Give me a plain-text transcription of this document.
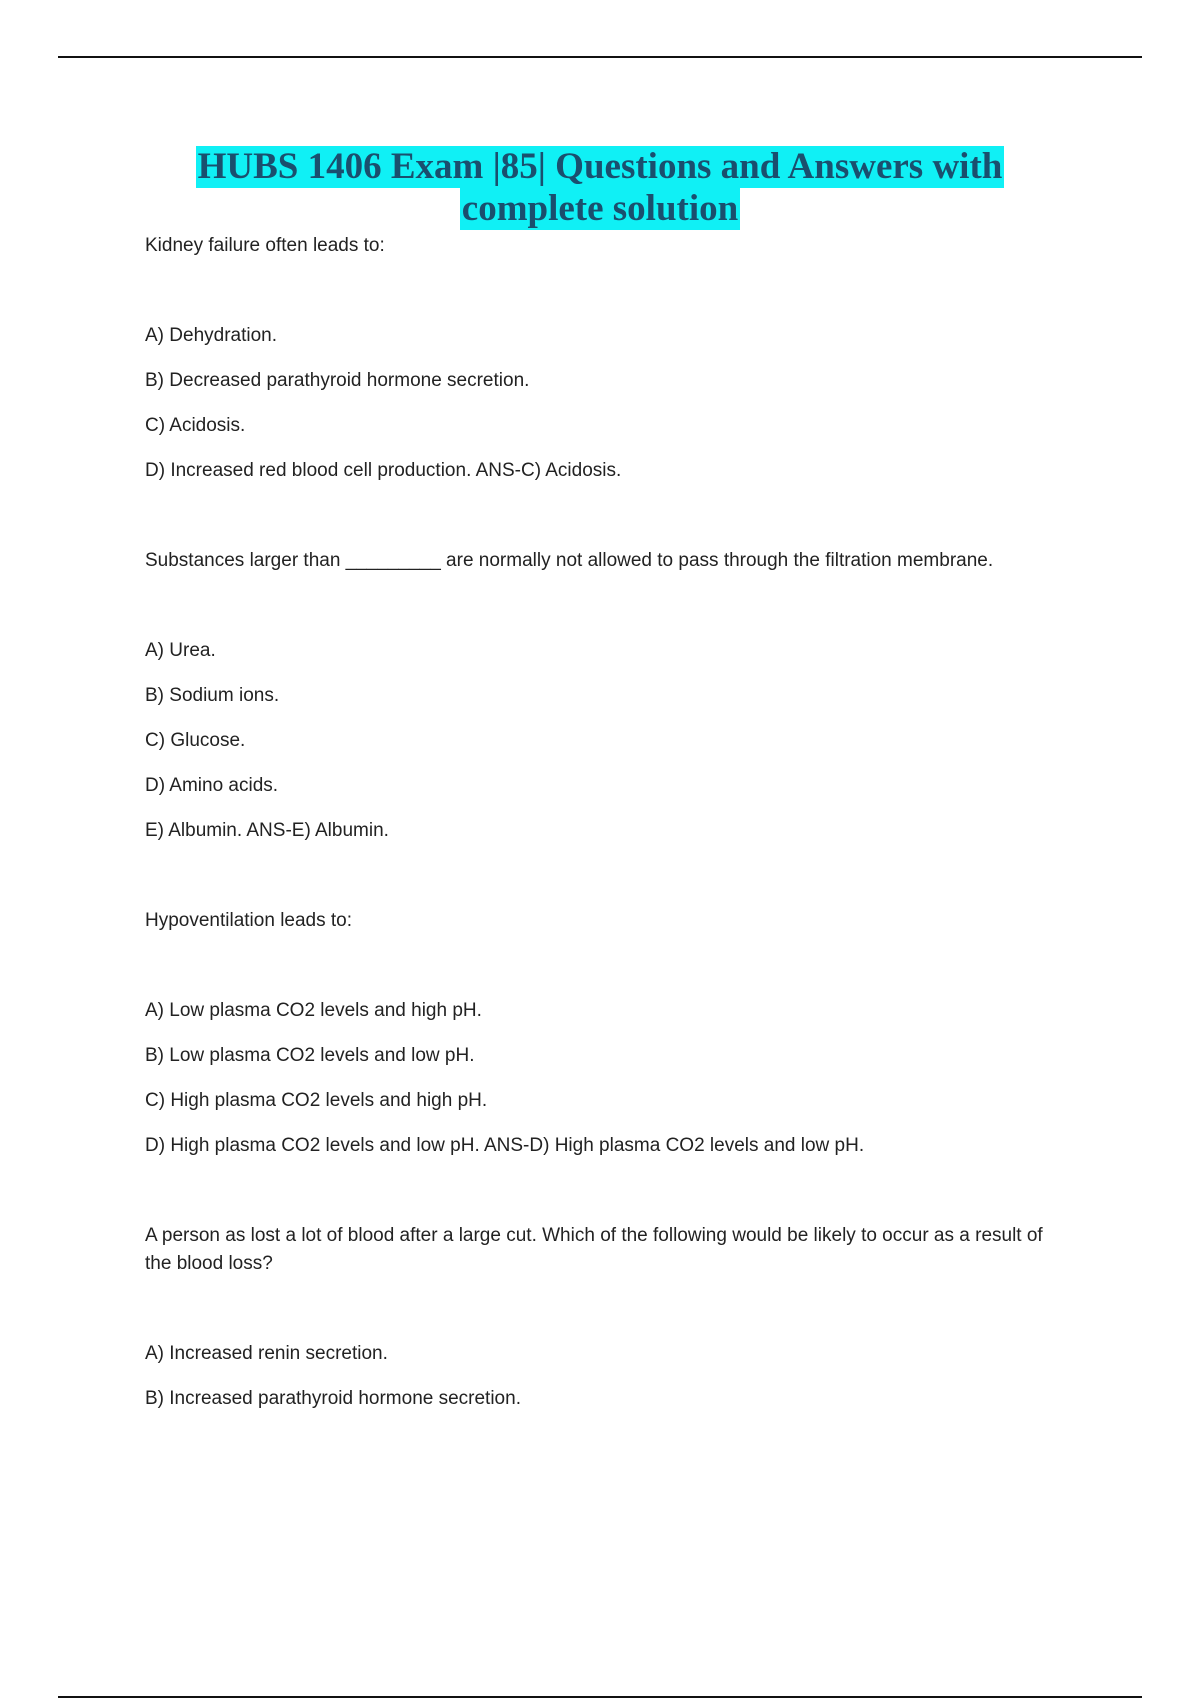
HUBS 1406 Exam |85| Questions and Answers with
complete solution

Kidney failure often leads to:

A) Dehydration.

B) Decreased parathyroid hormone secretion.

C) Acidosis.

D) Increased red blood cell production. ANS-C) Acidosis.

Substances larger than _________ are normally not allowed to pass through the filtration membrane.

A) Urea.

B) Sodium ions.

C) Glucose.

D) Amino acids.

E) Albumin. ANS-E) Albumin.

Hypoventilation leads to:

A) Low plasma CO2 levels and high pH.

B) Low plasma CO2 levels and low pH.

C) High plasma CO2 levels and high pH.

D) High plasma CO2 levels and low pH. ANS-D) High plasma CO2 levels and low pH.

A person as lost a lot of blood after a large cut. Which of the following would be likely to occur as a result of the blood loss?

A) Increased renin secretion.

B) Increased parathyroid hormone secretion.
